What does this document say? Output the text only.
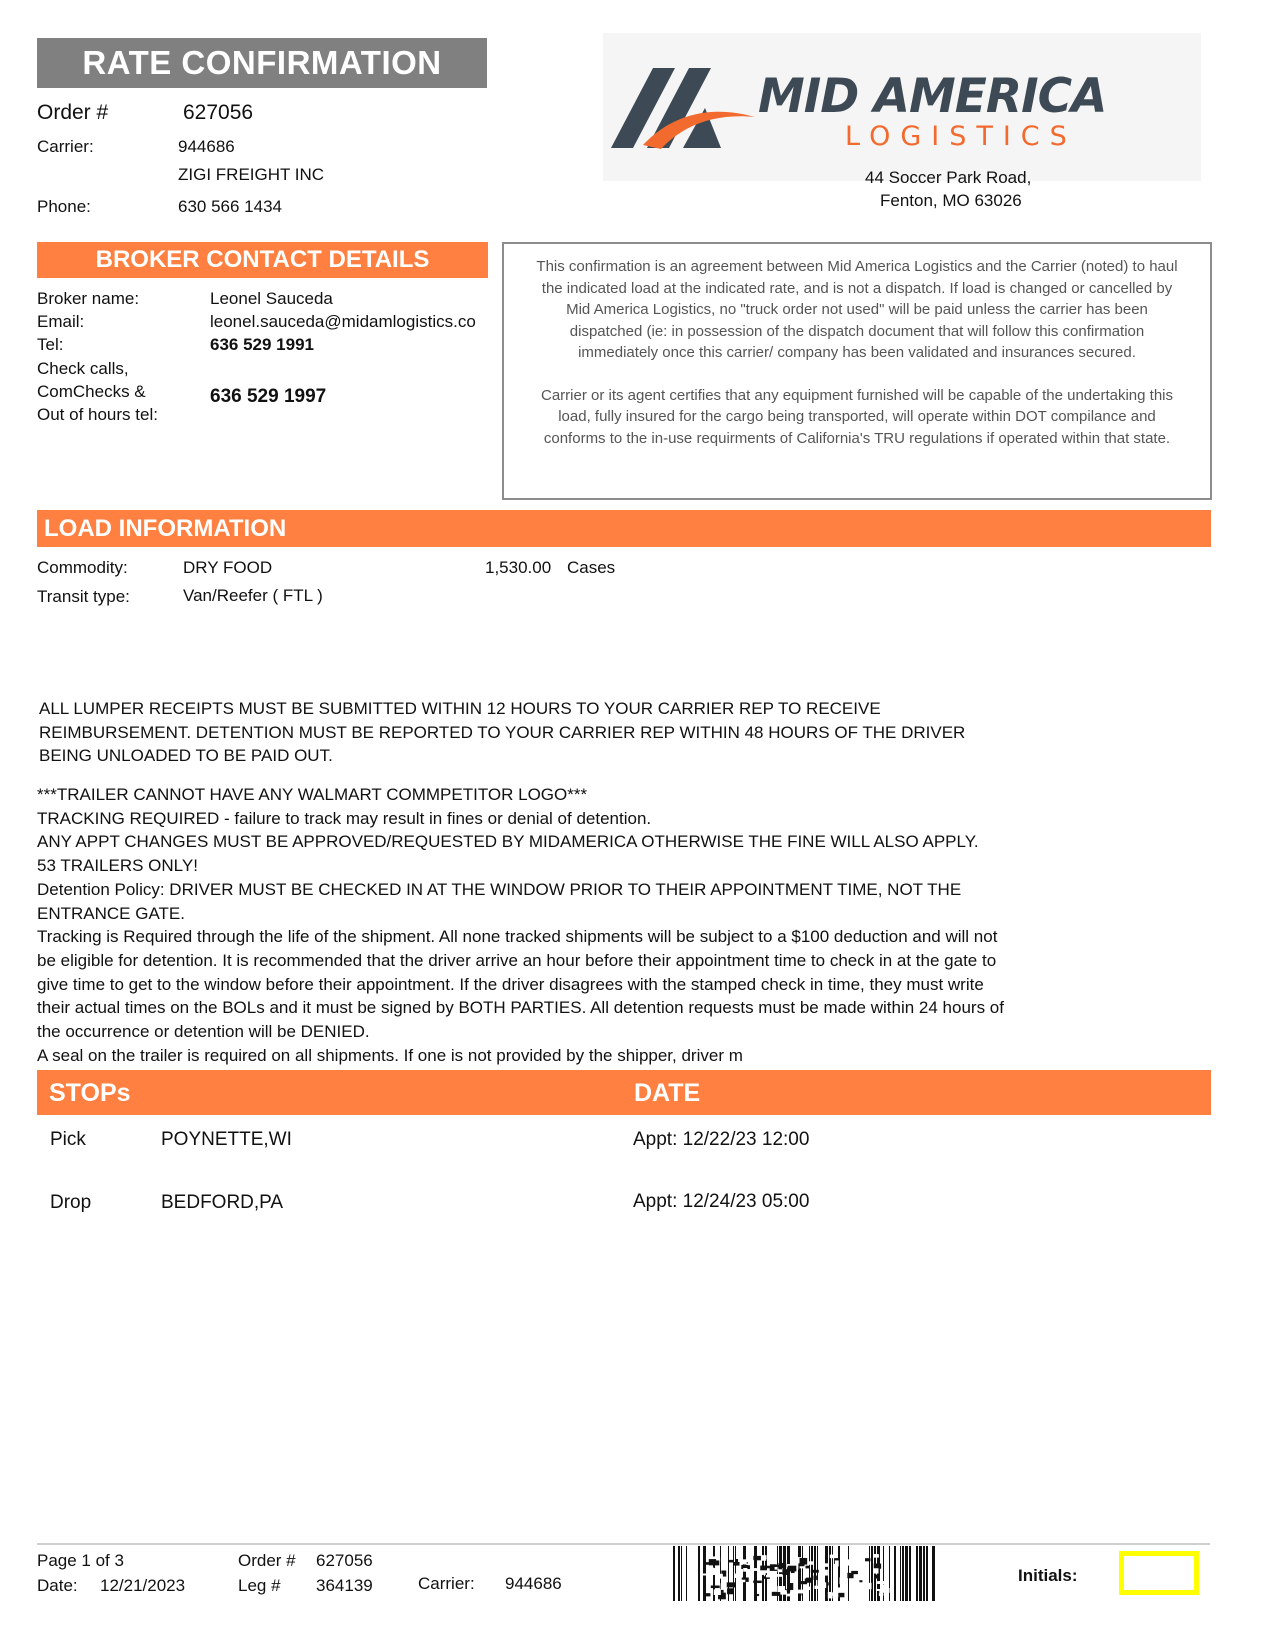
RATE CONFIRMATION
Order #	627056
Carrier:	944686
ZIGI FREIGHT INC
Phone:	630 566 1434
MID AMERICA
LOGISTICS
44 Soccer Park Road,
Fenton, MO 63026
BROKER CONTACT DETAILS
Broker name:	Leonel Sauceda
Email:	leonel.sauceda@midamlogistics.co
Tel:	636 529 1991
Check calls,
ComChecks &
Out of hours tel:
636 529 1997

This confirmation is an agreement between Mid America Logistics and the Carrier (noted) to haul the indicated load at the indicated rate, and is not a dispatch. If load is changed or cancelled by Mid America Logistics, no "truck order not used" will be paid unless the carrier has been dispatched (ie: in possession of the dispatch document that will follow this confirmation immediately once this carrier/ company has been validated and insurances secured.

Carrier or its agent certifies that any equipment furnished will be capable of the undertaking this load, fully insured for the cargo being transported, will operate within DOT compilance and conforms to the in-use requirments of California's TRU regulations if operated within that state.

LOAD INFORMATION
Commodity:	DRY FOOD	1,530.00 Cases
Transit type:	Van/Reefer ( FTL )
ALL LUMPER RECEIPTS MUST BE SUBMITTED WITHIN 12 HOURS TO YOUR CARRIER REP TO RECEIVE
REIMBURSEMENT. DETENTION MUST BE REPORTED TO YOUR CARRIER REP WITHIN 48 HOURS OF THE DRIVER
BEING UNLOADED TO BE PAID OUT.
***TRAILER CANNOT HAVE ANY WALMART COMMPETITOR LOGO***
TRACKING REQUIRED - failure to track may result in fines or denial of detention.
ANY APPT CHANGES MUST BE APPROVED/REQUESTED BY MIDAMERICA OTHERWISE THE FINE WILL ALSO APPLY.
53 TRAILERS ONLY!
Detention Policy: DRIVER MUST BE CHECKED IN AT THE WINDOW PRIOR TO THEIR APPOINTMENT TIME, NOT THE
ENTRANCE GATE.
Tracking is Required through the life of the shipment. All none tracked shipments will be subject to a $100 deduction and will not
be eligible for detention. It is recommended that the driver arrive an hour before their appointment time to check in at the gate to
give time to get to the window before their appointment. If the driver disagrees with the stamped check in time, they must write
their actual times on the BOLs and it must be signed by BOTH PARTIES. All detention requests must be made within 24 hours of
the occurrence or detention will be DENIED.
A seal on the trailer is required on all shipments. If one is not provided by the shipper, driver m
STOPs	DATE
Pick	POYNETTE,WI	Appt: 12/22/23 12:00
Drop	BEDFORD,PA	Appt: 12/24/23 05:00
Page 1 of 3
Date: 12/21/2023
Order # 627056
Leg # 364139	Carrier: 944686	Initials:
